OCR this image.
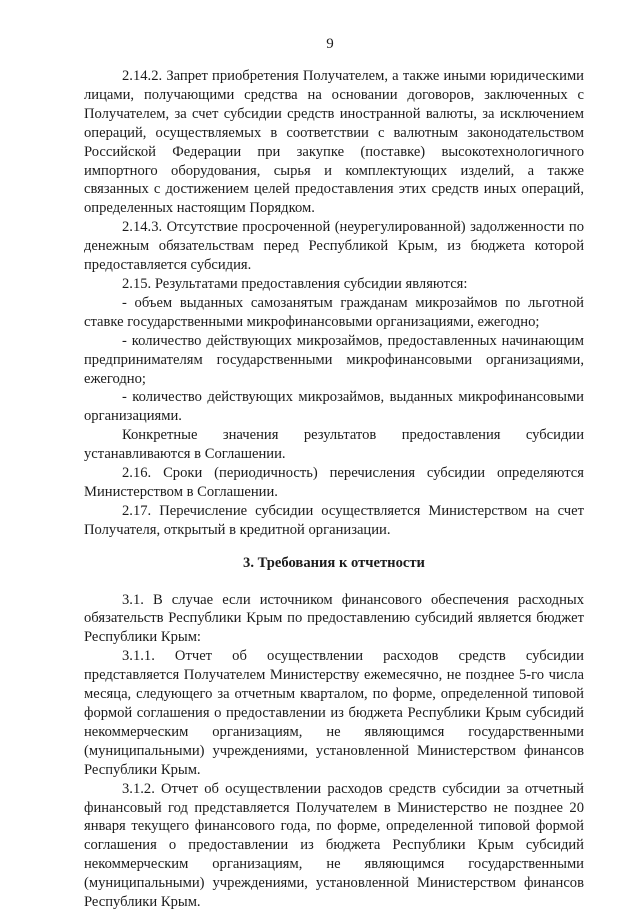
9

2.14.2. Запрет приобретения Получателем, а также иными юридическими лицами, получающими средства на основании договоров, заключенных с Получателем, за счет субсидии средств иностранной валюты, за исключением операций, осуществляемых в соответствии с валютным законодательством Российской Федерации при закупке (поставке) высокотехнологичного импортного оборудования, сырья и комплектующих изделий, а также связанных с достижением целей предоставления этих средств иных операций, определенных настоящим Порядком.

2.14.3. Отсутствие просроченной (неурегулированной) задолженности по денежным обязательствам перед Республикой Крым, из бюджета которой предоставляется субсидия.

2.15. Результатами предоставления субсидии являются:

- объем выданных самозанятым гражданам микрозаймов по льготной ставке государственными микрофинансовыми организациями, ежегодно;

- количество действующих микрозаймов, предоставленных начинающим предпринимателям государственными микрофинансовыми организациями, ежегодно;

- количество действующих микрозаймов, выданных микрофинансовыми организациями.

Конкретные значения результатов предоставления субсидии устанавливаются в Соглашении.

2.16. Сроки (периодичность) перечисления субсидии определяются Министерством в Соглашении.

2.17. Перечисление субсидии осуществляется Министерством на счет Получателя, открытый в кредитной организации.

3. Требования к отчетности

3.1. В случае если источником финансового обеспечения расходных обязательств Республики Крым по предоставлению субсидий является бюджет Республики Крым:

3.1.1. Отчет об осуществлении расходов средств субсидии представляется Получателем Министерству ежемесячно, не позднее 5-го числа месяца, следующего за отчетным кварталом, по форме, определенной типовой формой соглашения о предоставлении из бюджета Республики Крым субсидий некоммерческим организациям, не являющимся государственными (муниципальными) учреждениями, установленной Министерством финансов Республики Крым.

3.1.2. Отчет об осуществлении расходов средств субсидии за отчетный финансовый год представляется Получателем в Министерство не позднее 20 января текущего финансового года, по форме, определенной типовой формой соглашения о предоставлении из бюджета Республики Крым субсидий некоммерческим организациям, не являющимся государственными (муниципальными) учреждениями, установленной Министерством финансов Республики Крым.
